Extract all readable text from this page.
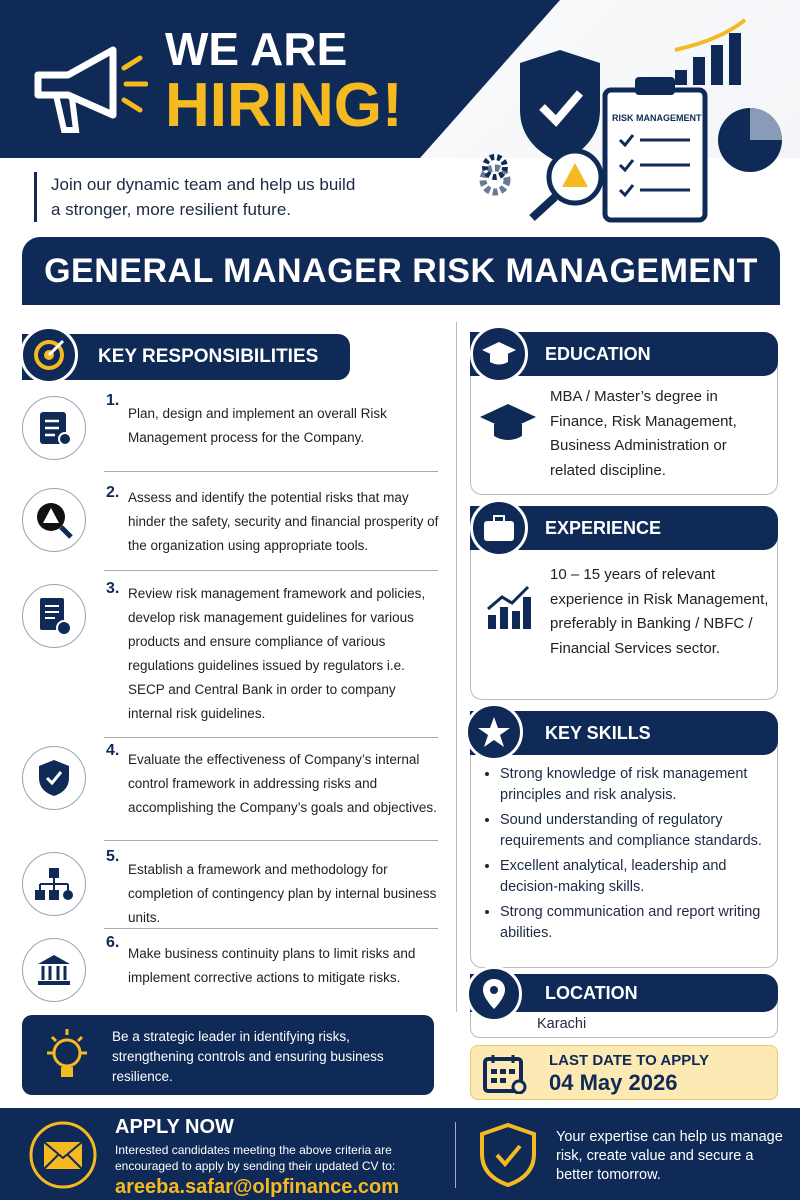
WE ARE
HIRING!	RISK MANAGEMENT
Join our dynamic team and help us build
a stronger, more resilient future.
GENERAL MANAGER RISK MANAGEMENT
KEY RESPONSIBILITIES
1.
Plan, design and implement an overall Risk Management process for the Company.
2. Assess and identify the potential risks that may hinder the safety, security and financial prosperity of the organization using appropriate tools.
3. Review risk management framework and policies, develop risk management guidelines for various products and ensure compliance of various regulations guidelines issued by regulators i.e. SECP and Central Bank in order to company internal risk guidelines.
4.
Evaluate the effectiveness of Company’s internal control framework in addressing risks and accomplishing the Company’s goals and objectives.
5.
Establish a framework and methodology for completion of contingency plan by internal business units.
6.
Make business continuity plans to limit risks and implement corrective actions to mitigate risks.
Be a strategic leader in identifying risks, strengthening controls and ensuring business resilience.
EDUCATION
MBA / Master’s degree in Finance, Risk Management, Business Administration or related discipline.
EXPERIENCE
10 – 15 years of relevant experience in Risk Management, preferably in Banking / NBFC / Financial Services sector.
KEY SKILLS
• Strong knowledge of risk management principles and risk analysis.
• Sound understanding of regulatory requirements and compliance standards.
• Excellent analytical, leadership and decision-making skills.
• Strong communication and report writing abilities.
LOCATION
Karachi
LAST DATE TO APPLY
04 May 2026
APPLY NOW
Interested candidates meeting the above criteria are encouraged to apply by sending their updated CV to:
areeba.safar@olpfinance.com
Your expertise can help us manage risk, create value and secure a better tomorrow.
